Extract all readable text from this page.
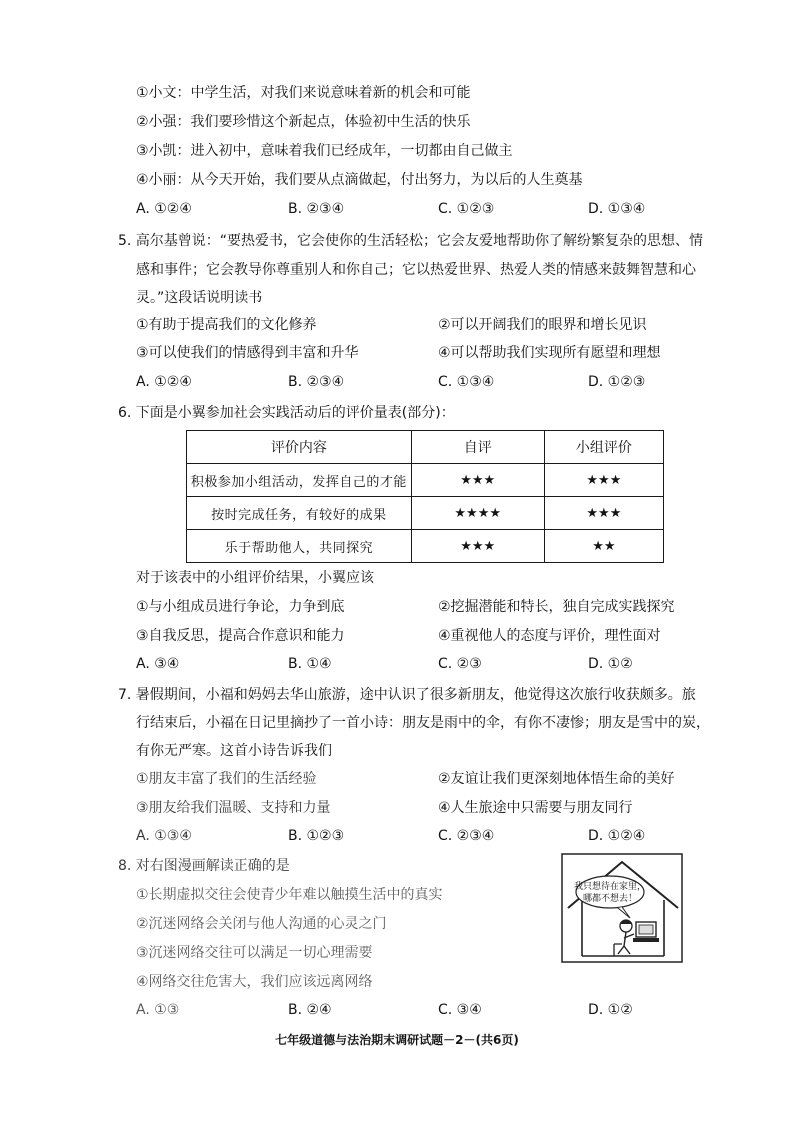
①小文：中学生活，对我们来说意味着新的机会和可能
②小强：我们要珍惜这个新起点，体验初中生活的快乐
③小凯：进入初中，意味着我们已经成年，一切都由自己做主
④小丽：从今天开始，我们要从点滴做起，付出努力，为以后的人生奠基
A. ①②④	B. ②③④	C. ①②③	D. ①③④
5. 高尔基曾说：“要热爱书，它会使你的生活轻松；它会友爱地帮助你了解纷繁复杂的思想、情
感和事件；它会教导你尊重别人和你自己；它以热爱世界、热爱人类的情感来鼓舞智慧和心
灵。”这段话说明读书
①有助于提高我们的文化修养	②可以开阔我们的眼界和增长见识
③可以使我们的情感得到丰富和升华	④可以帮助我们实现所有愿望和理想
A. ①②④	B. ②③④	C. ①③④	D. ①②③
6. 下面是小翼参加社会实践活动后的评价量表(部分)：
评价内容	自评	小组评价
积极参加小组活动，发挥自己的才能	★★★	★★★
按时完成任务，有较好的成果	★★★★	★★★
乐于帮助他人，共同探究	★★★	★★
对于该表中的小组评价结果，小翼应该
①与小组成员进行争论，力争到底	②挖掘潜能和特长，独自完成实践探究
③自我反思，提高合作意识和能力	④重视他人的态度与评价，理性面对
A. ③④	B. ①④	C. ②③	D. ①②
7. 暑假期间，小福和妈妈去华山旅游，途中认识了很多新朋友，他觉得这次旅行收获颇多。旅
行结束后，小福在日记里摘抄了一首小诗：朋友是雨中的伞，有你不凄惨；朋友是雪中的炭，
有你无严寒。这首小诗告诉我们
①朋友丰富了我们的生活经验	②友谊让我们更深刻地体悟生命的美好
③朋友给我们温暖、支持和力量	④人生旅途中只需要与朋友同行
A. ①③④	B. ①②③	C. ②③④	D. ①②④
8. 对右图漫画解读正确的是
①长期虚拟交往会使青少年难以触摸生活中的真实
②沉迷网络会关闭与他人沟通的心灵之门
③沉迷网络交往可以满足一切心理需要
④网络交往危害大，我们应该远离网络
A. ①③	B. ②④	C. ③④	D. ①②
我只想待在家里，
哪都不想去！
七年级道德与法治期末调研试题－2－(共6页)
